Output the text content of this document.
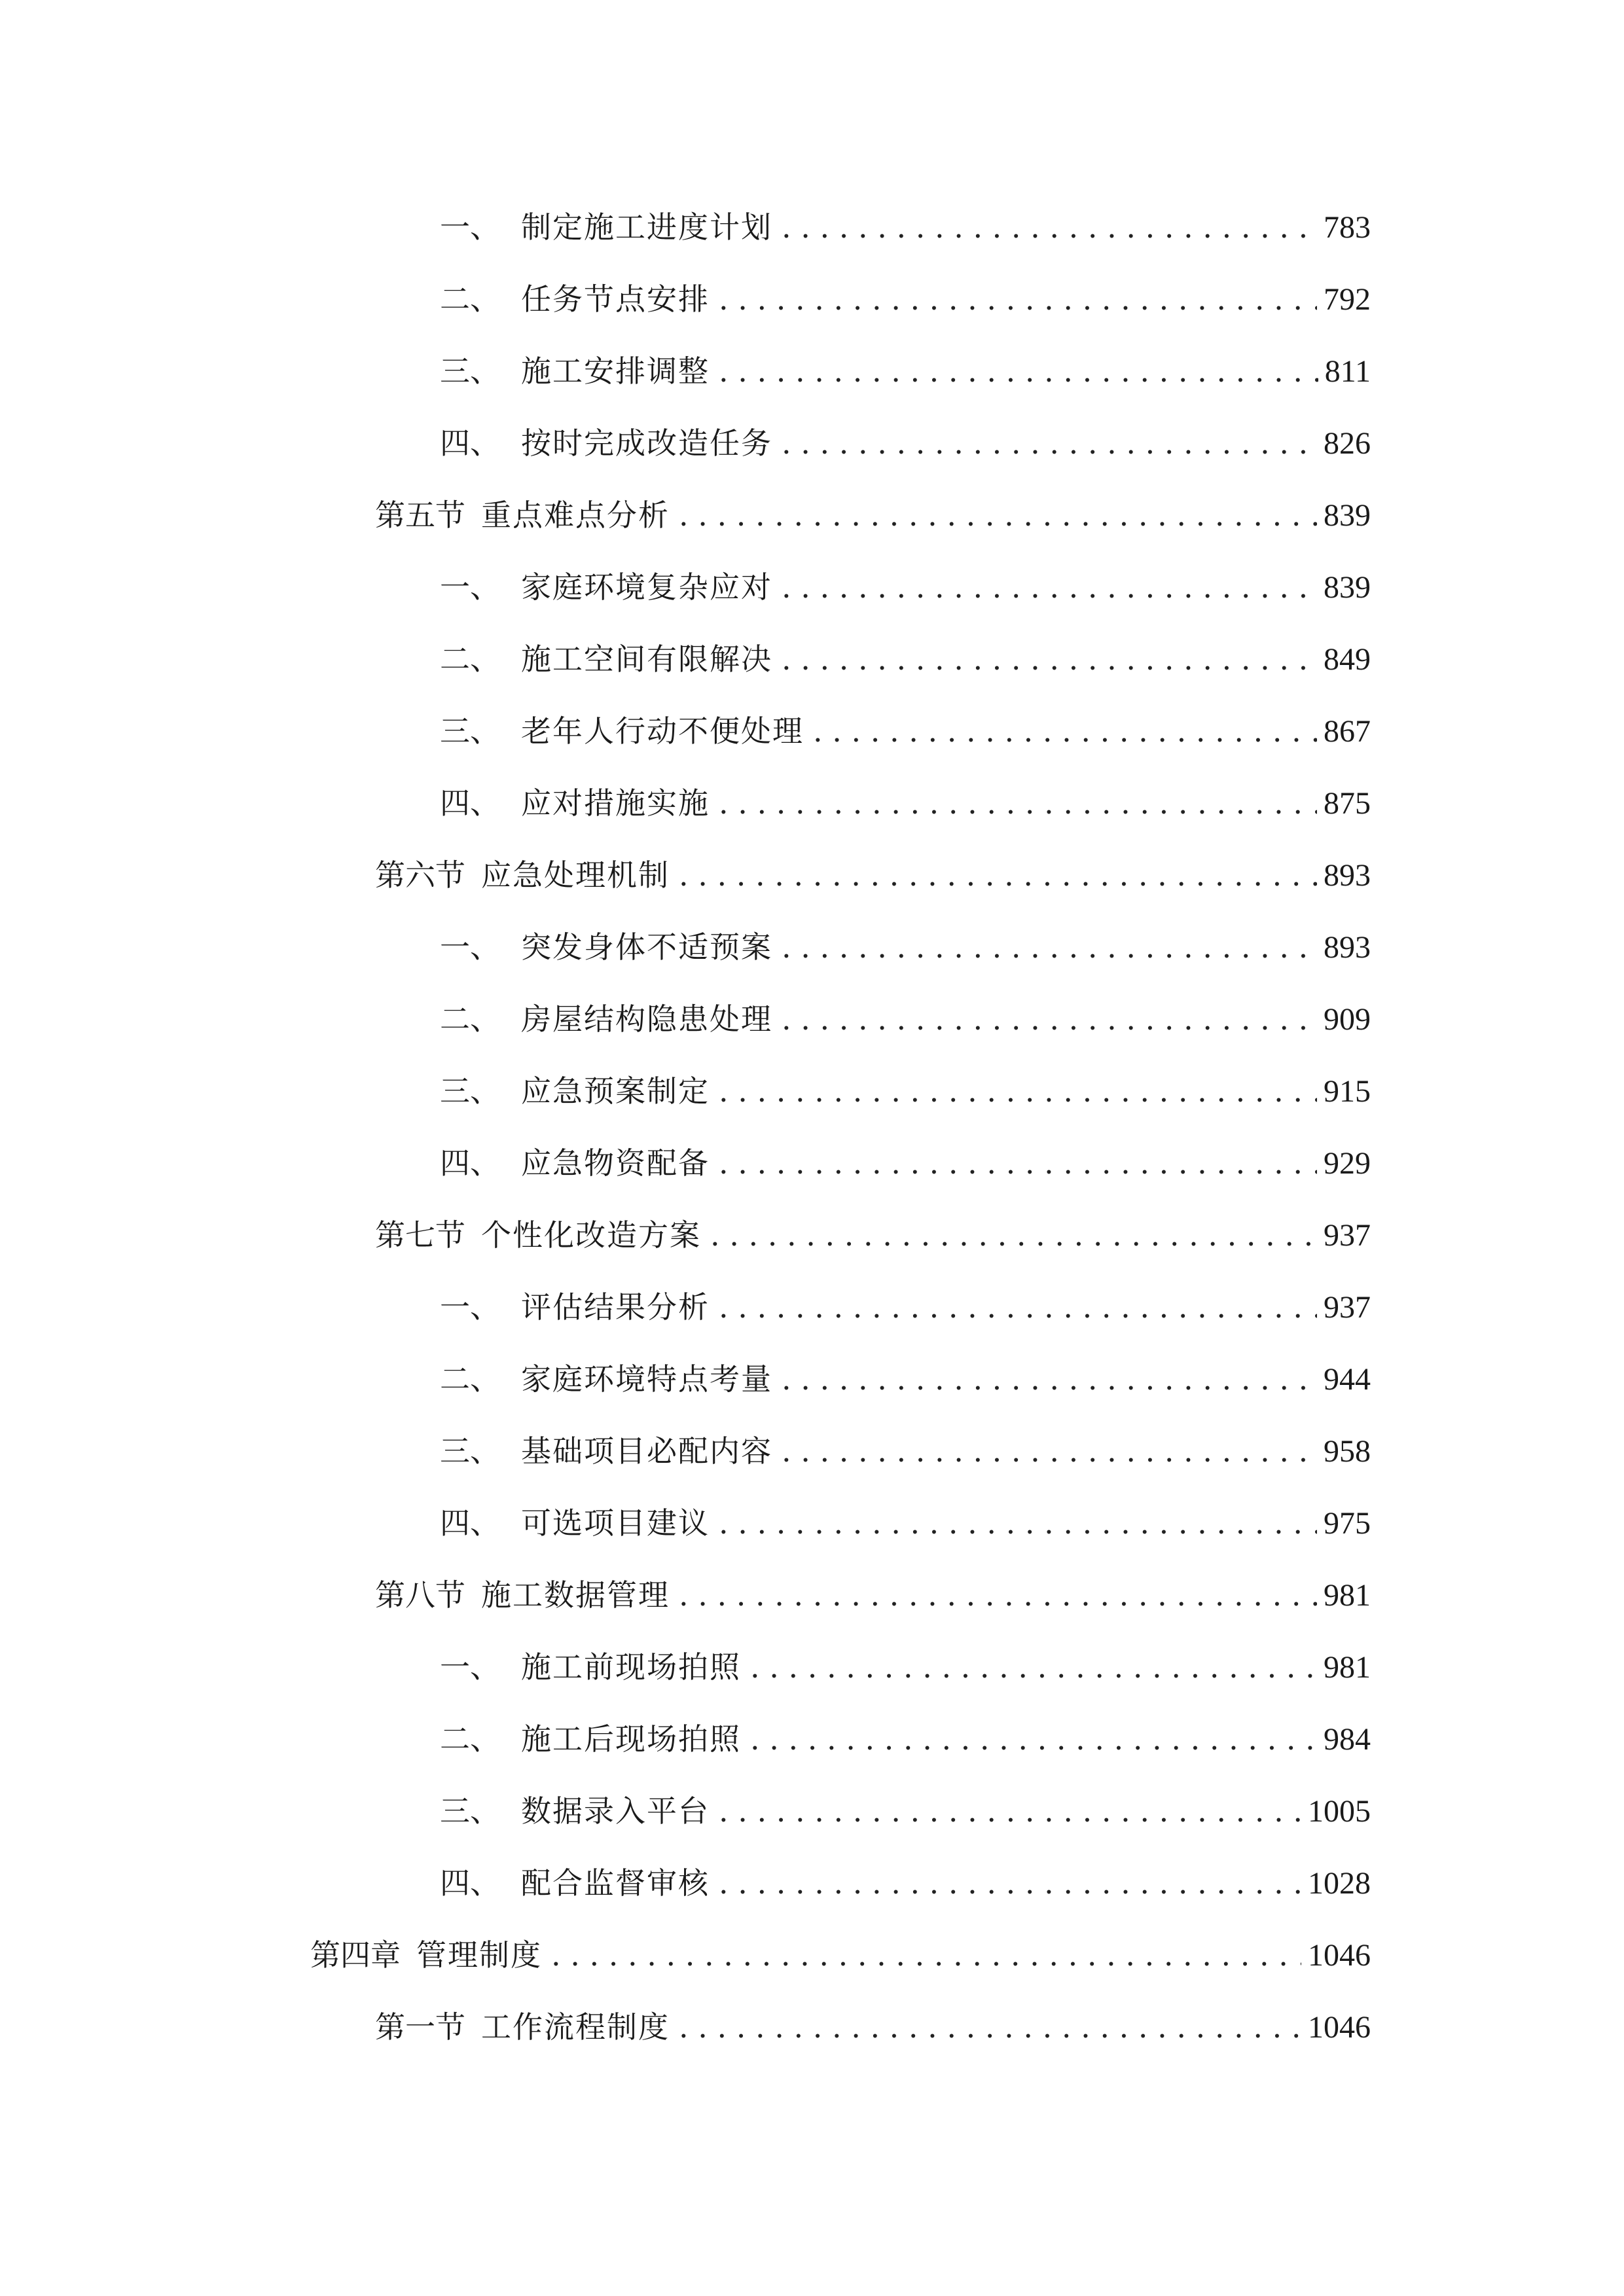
一、 制定施工进度计划 . . .	783
二、 任务节点安排 . . .	792
三、 施工安排调整 . . .	811
四、 按时完成改造任务 . . .	826
第五节 重点难点分析 . . .	839
一、 家庭环境复杂应对 . . .	839
二、 施工空间有限解决 . . .	849
三、 老年人行动不便处理 . . .	867
四、 应对措施实施 . . .	875
第六节 应急处理机制 . . .	893
一、 突发身体不适预案 . . .	893
二、 房屋结构隐患处理 . . .	909
三、 应急预案制定 . . .	915
四、 应急物资配备 . . .	929
第七节 个性化改造方案 . . .	937
一、 评估结果分析 . . .	937
二、 家庭环境特点考量 . . .	944
三、 基础项目必配内容 . . .	958
四、 可选项目建议 . . .	975
第八节 施工数据管理 . . .	981
一、 施工前现场拍照 . . .	981
二、 施工后现场拍照 . . .	984
三、 数据录入平台 . . .	1005
四、 配合监督审核 . . .	1028
第四章 管理制度 . . .	1046
第一节 工作流程制度 . . .	1046
